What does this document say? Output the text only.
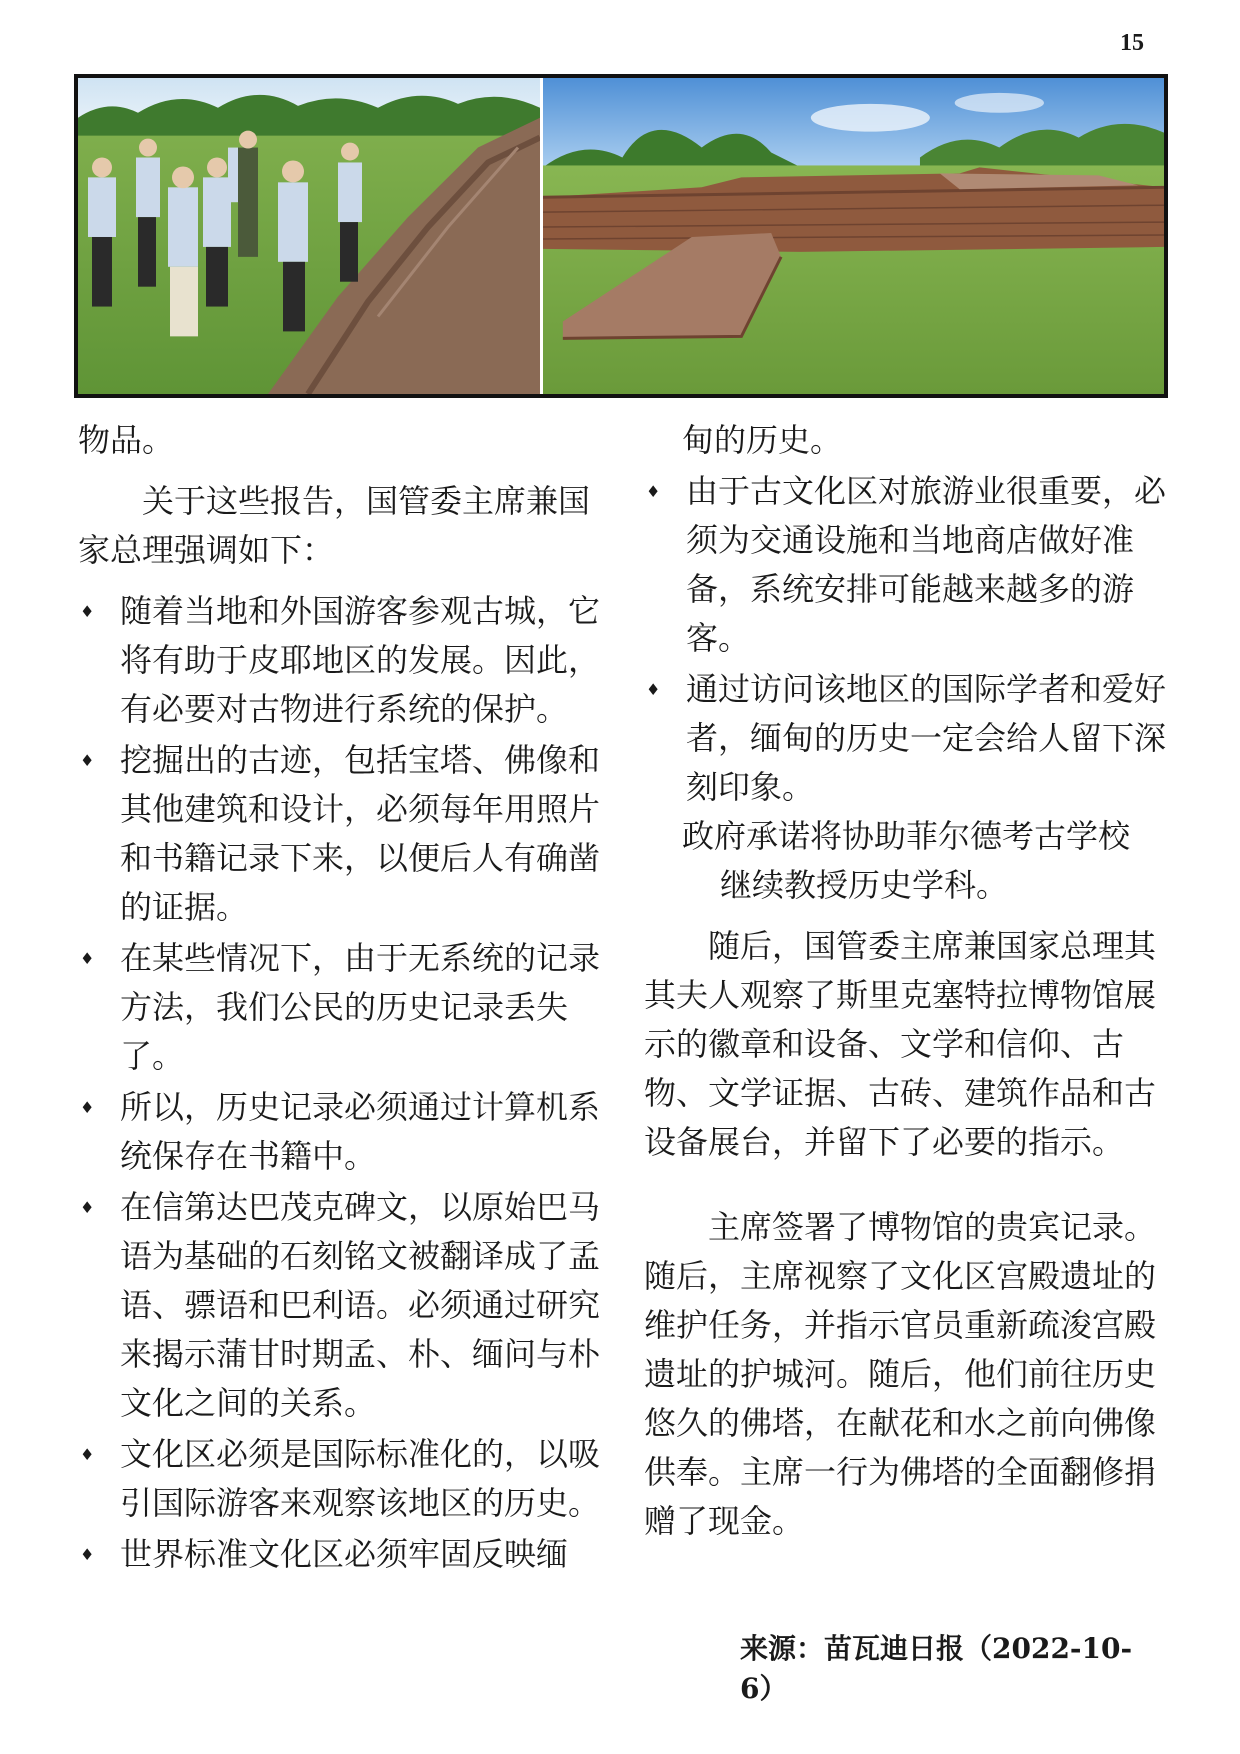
15

物品。

关于这些报告，国管委主席兼国家总理强调如下：

♦ 随着当地和外国游客参观古城，它将有助于皮耶地区的发展。因此，有必要对古物进行系统的保护。
♦ 挖掘出的古迹，包括宝塔、佛像和其他建筑和设计，必须每年用照片和书籍记录下来，以便后人有确凿的证据。
♦ 在某些情况下，由于无系统的记录方法，我们公民的历史记录丢失了。
♦ 所以，历史记录必须通过计算机系统保存在书籍中。
♦ 在信第达巴茂克碑文，以原始巴马语为基础的石刻铭文被翻译成了孟语、骠语和巴利语。必须通过研究来揭示蒲甘时期孟、朴、缅问与朴文化之间的关系。
♦ 文化区必须是国际标准化的，以吸引国际游客来观察该地区的历史。
♦ 世界标准文化区必须牢固反映缅

甸的历史。

♦ 由于古文化区对旅游业很重要，必须为交通设施和当地商店做好准备，系统安排可能越来越多的游客。
♦ 通过访问该地区的国际学者和爱好者，缅甸的历史一定会给人留下深刻印象。

政府承诺将协助菲尔德考古学校
继续教授历史学科。

随后，国管委主席兼国家总理其其夫人观察了斯里克塞特拉博物馆展示的徽章和设备、文学和信仰、古物、文学证据、古砖、建筑作品和古设备展台，并留下了必要的指示。

主席签署了博物馆的贵宾记录。随后，主席视察了文化区宫殿遗址的维护任务，并指示官员重新疏浚宫殿遗址的护城河。随后，他们前往历史悠久的佛塔，在献花和水之前向佛像供奉。主席一行为佛塔的全面翻修捐赠了现金。

来源：苗瓦迪日报（2022-10-6）
